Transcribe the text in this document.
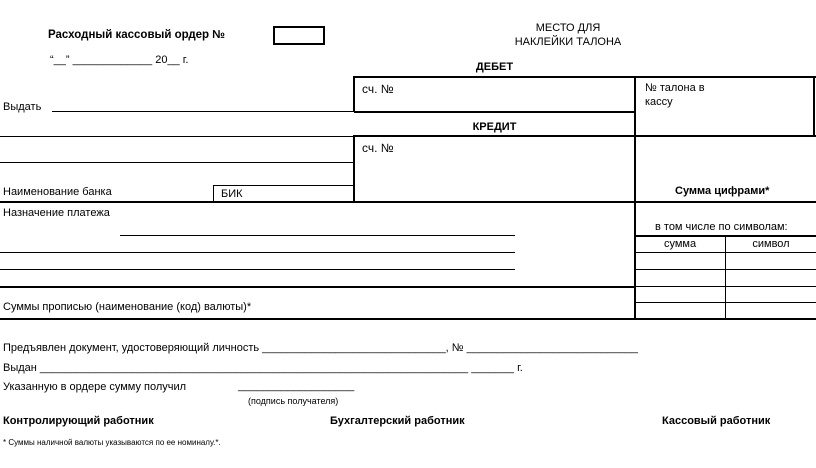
Расходный кассовый ордер №
“__” _____________ 20__ г.
МЕСТО ДЛЯ НАКЛЕЙКИ ТАЛОНА
Выдать
Наименование банка	БИК
Назначение платежа
Суммы прописью (наименование (код) валюты)*
ДЕБЕТ
КРЕДИТ
сч. №
сч. №
№ талона в кассу
Сумма цифрами*
в том числе по символам:
сумма	символ
Предъявлен документ, удостоверяющий личность ______________________________, № ____________________________
Выдан ______________________________________________________________________ _______ г.
Указанную в ордере сумму получил	___________________
(подпись получателя)
Контролирующий работник	Бухгалтерский работник	Кассовый работник
* Суммы наличной валюты указываются по ее номиналу.*.
